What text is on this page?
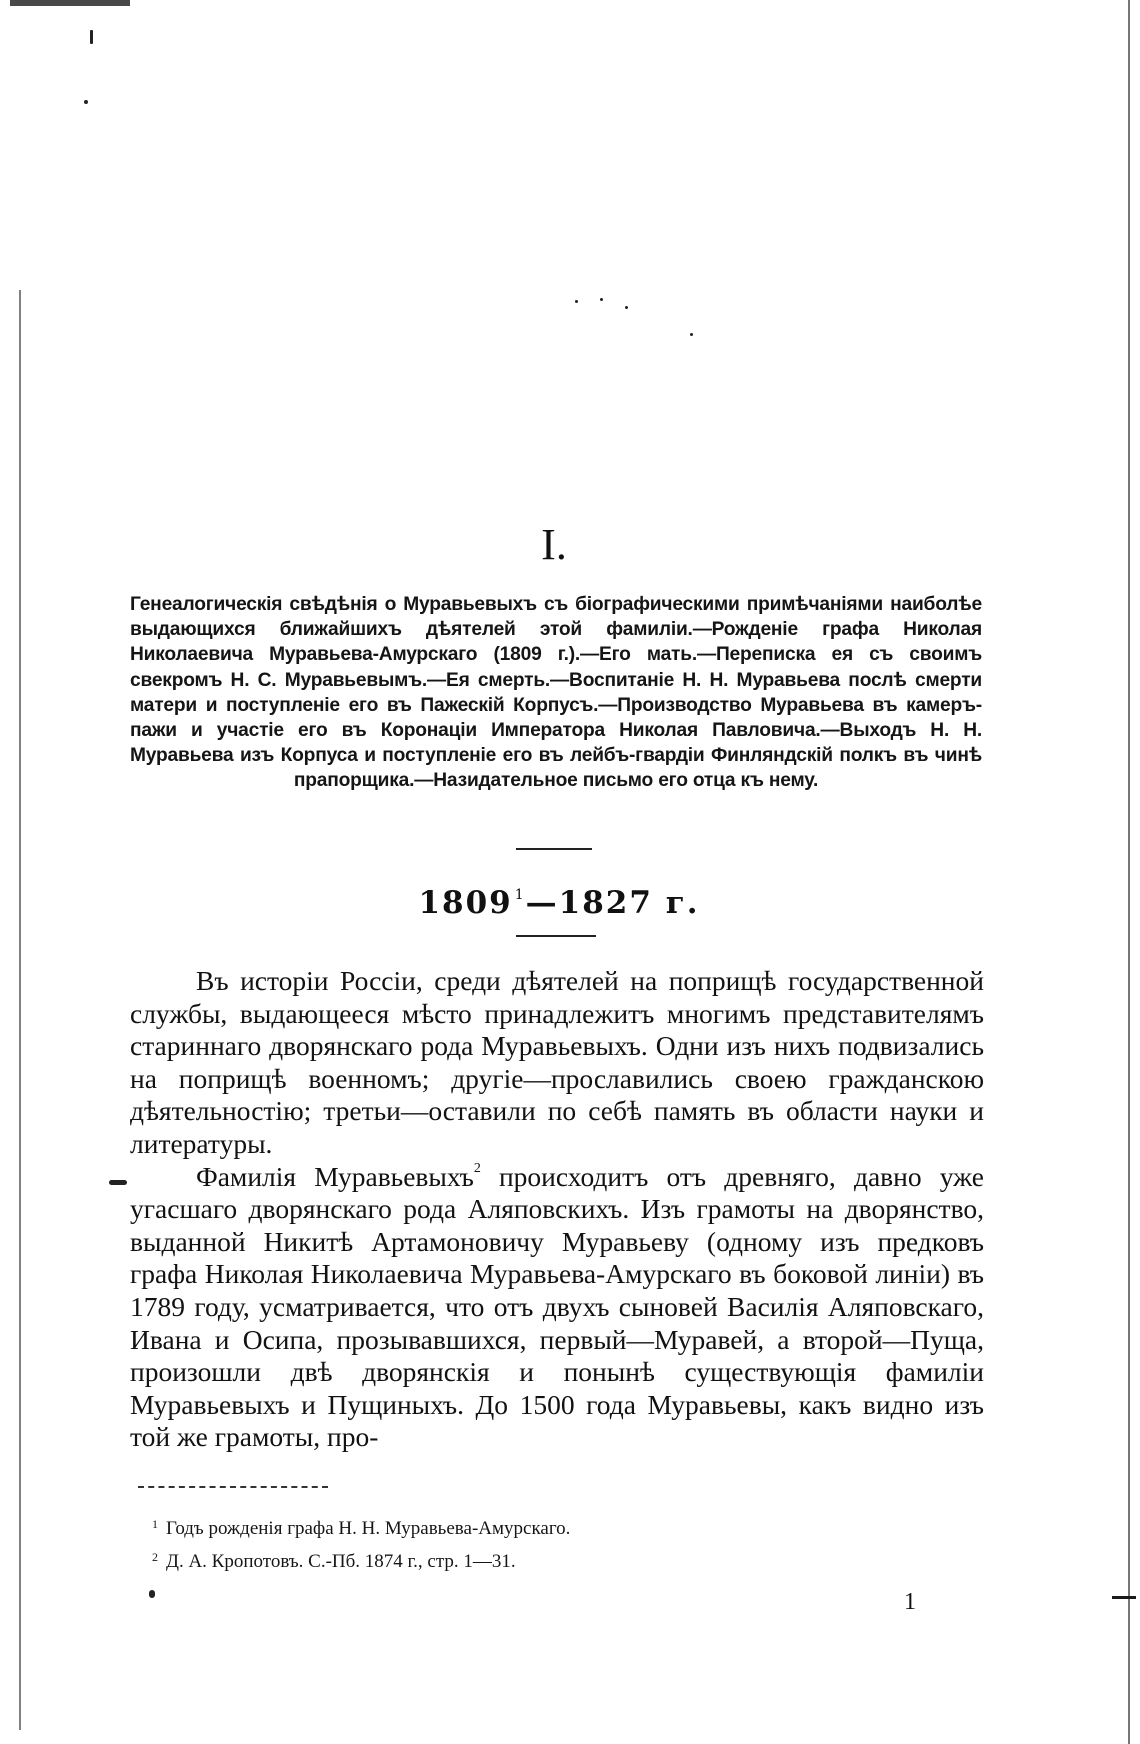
I.
Генеалогическія свѣдѣнія о Муравьевыхъ съ біографическими примѣчаніями наиболѣе выдающихся ближайшихъ дѣятелей этой фамиліи.—Рожденіе графа Николая Николаевича Муравьева-Амурскаго (1809 г.).—Его мать.—Переписка ея съ своимъ свекромъ Н. С. Муравьевымъ.—Ея смерть.—Воспитаніе Н. Н. Муравьева послѣ смерти матери и поступленіе его въ Пажескій Корпусъ.—Производство Муравьева въ камеръ-пажи и участіе его въ Коронаціи Императора Николая Павловича.—Выходъ Н. Н. Муравьева изъ Корпуса и поступленіе его въ лейбъ-гвардіи Финляндскій полкъ въ чинѣ прапорщика.—Назидательное письмо его отца къ нему.
1809 $^1$—1827 г.

Въ исторіи Россіи, среди дѣятелей на поприщѣ государственной службы, выдающееся мѣсто принадлежитъ многимъ представителямъ стариннаго дворянскаго рода Муравьевыхъ. Одни изъ нихъ подвизались на поприщѣ военномъ; другіе—прославились своею гражданскою дѣятельностію; третьи—оставили по себѣ память въ области науки и литературы.

Фамилія Муравьевыхъ$^2$ происходитъ отъ древняго, давно уже угасшаго дворянскаго рода Аляповскихъ. Изъ грамоты на дворянство, выданной Никитѣ Артамоновичу Муравьеву (одному изъ предковъ графа Николая Николаевича Муравьева-Амурскаго въ боковой линіи) въ 1789 году, усматривается, что отъ двухъ сыновей Василія Аляповскаго, Ивана и Осипа, прозывавшихся, первый—Муравей, а второй—Пуща, произошли двѣ дворянскія и понынѣ существующія фамиліи Муравьевыхъ и Пущиныхъ. До 1500 года Муравьевы, какъ видно изъ той же грамоты, про-

$^1$ Годъ рожденія графа Н. Н. Муравьева-Амурскаго.
$^2$ Д. А. Кропотовъ. С.-Пб. 1874 г., стр. 1—31.
1
